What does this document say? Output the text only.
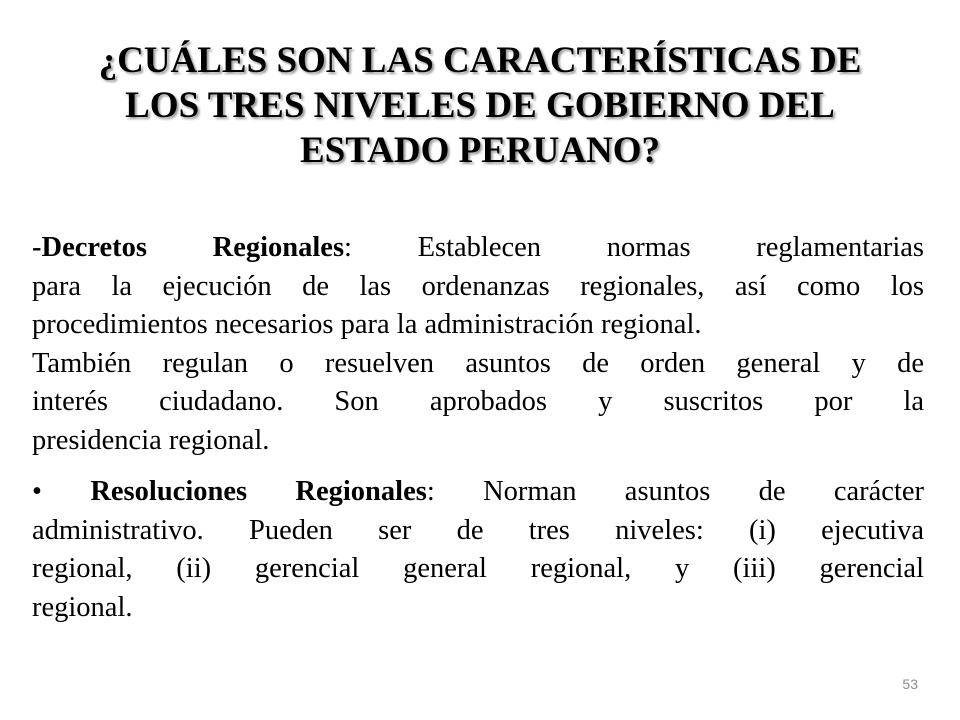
¿CUÁLES SON LAS CARACTERÍSTICAS DE
LOS TRES NIVELES DE GOBIERNO DEL
ESTADO PERUANO?

-Decretos Regionales: Establecen normas reglamentarias
para la ejecución de las ordenanzas regionales, así como los
procedimientos necesarios para la administración regional.
También regulan o resuelven asuntos de orden general y de
interés ciudadano. Son aprobados y suscritos por la
presidencia regional.

• Resoluciones Regionales: Norman asuntos de carácter
administrativo. Pueden ser de tres niveles: (i) ejecutiva
regional, (ii) gerencial general regional, y (iii) gerencial
regional.

53
